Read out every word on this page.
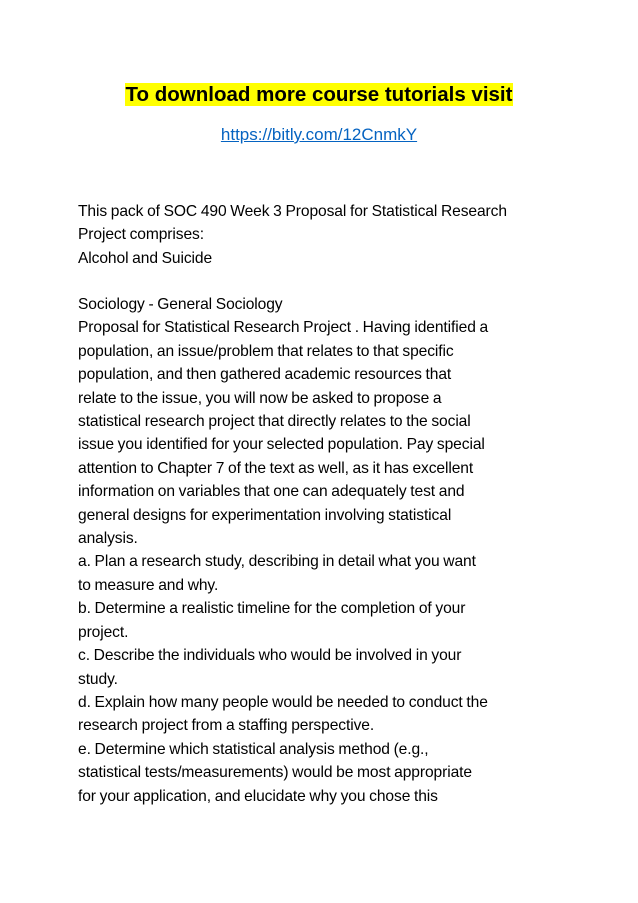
To download more course tutorials visit
https://bitly.com/12CnmkY
This pack of SOC 490 Week 3 Proposal for Statistical Research
Project comprises:
Alcohol and Suicide
Sociology - General Sociology
Proposal for Statistical Research Project . Having identified a
population, an issue/problem that relates to that specific
population, and then gathered academic resources that
relate to the issue, you will now be asked to propose a
statistical research project that directly relates to the social
issue you identified for your selected population. Pay special
attention to Chapter 7 of the text as well, as it has excellent
information on variables that one can adequately test and
general designs for experimentation involving statistical
analysis.
a. Plan a research study, describing in detail what you want
to measure and why.
b. Determine a realistic timeline for the completion of your
project.
c. Describe the individuals who would be involved in your
study.
d. Explain how many people would be needed to conduct the
research project from a staffing perspective.
e. Determine which statistical analysis method (e.g.,
statistical tests/measurements) would be most appropriate
for your application, and elucidate why you chose this
